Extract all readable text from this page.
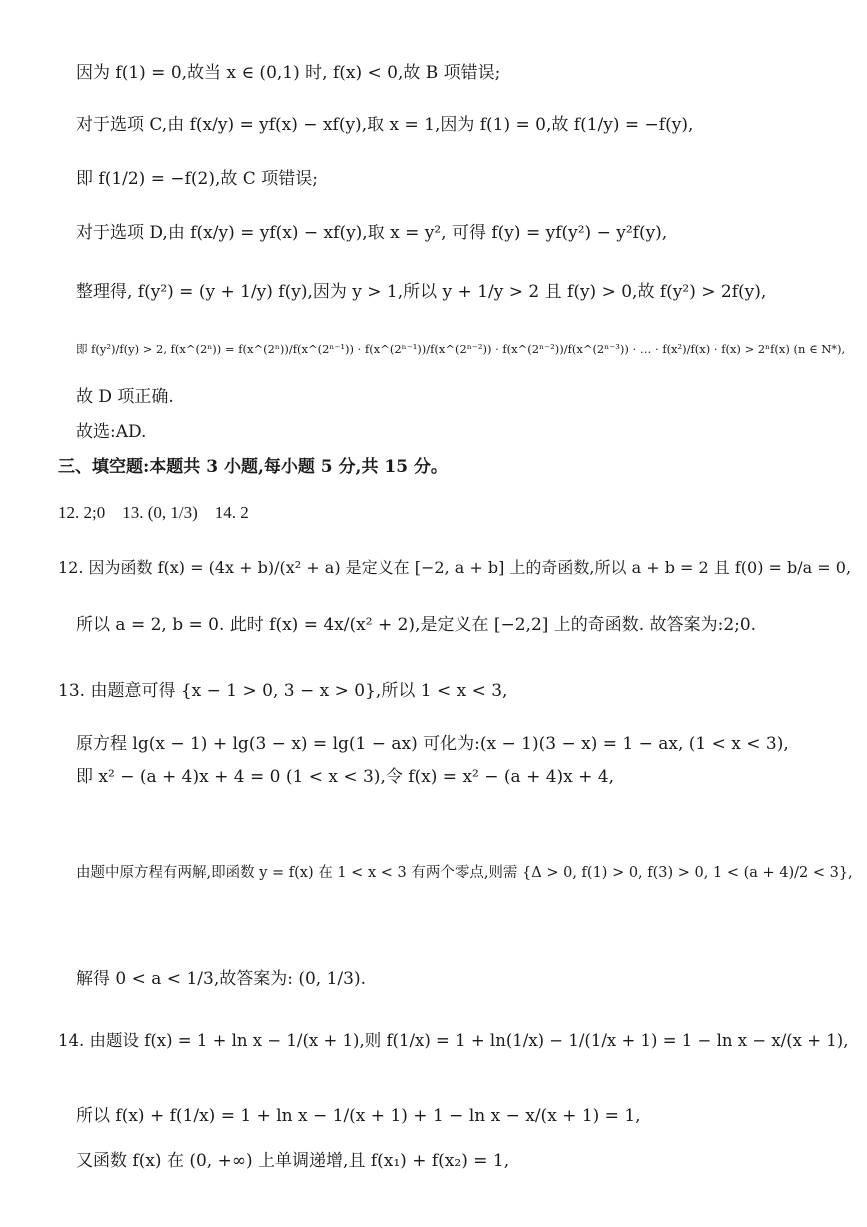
因为 f(1) = 0,故当 x ∈ (0,1) 时, f(x) < 0,故 B 项错误;
对于选项 C,由 f(x/y) = yf(x) − xf(y),取 x = 1,因为 f(1) = 0,故 f(1/y) = −f(y),
即 f(1/2) = −f(2),故 C 项错误;
对于选项 D,由 f(x/y) = yf(x) − xf(y),取 x = y², 可得 f(y) = yf(y²) − y²f(y),
整理得, f(y²) = (y + 1/y) f(y),因为 y > 1,所以 y + 1/y > 2 且 f(y) > 0,故 f(y²) > 2f(y),
即 f(y²)/f(y) > 2, f(x^(2ⁿ)) = f(x^(2ⁿ))/f(x^(2ⁿ⁻¹)) · f(x^(2ⁿ⁻¹))/f(x^(2ⁿ⁻²)) · f(x^(2ⁿ⁻²))/f(x^(2ⁿ⁻³)) · … · f(x²)/f(x) · f(x) > 2ⁿf(x) (n ∈ N*),
故 D 项正确.
故选:AD.
三、填空题:本题共 3 小题,每小题 5 分,共 15 分。
12. 2;0　13. (0, 1/3)　14. 2
12. 因为函数 f(x) = (4x + b)/(x² + a) 是定义在 [−2, a + b] 上的奇函数,所以 a + b = 2 且 f(0) = b/a = 0,
所以 a = 2, b = 0. 此时 f(x) = 4x/(x² + 2),是定义在 [−2,2] 上的奇函数. 故答案为:2;0.
13. 由题意可得 {x − 1 > 0, 3 − x > 0},所以 1 < x < 3,
原方程 lg(x − 1) + lg(3 − x) = lg(1 − ax) 可化为:(x − 1)(3 − x) = 1 − ax, (1 < x < 3),
即 x² − (a + 4)x + 4 = 0 (1 < x < 3),令 f(x) = x² − (a + 4)x + 4,
由题中原方程有两解,即函数 y = f(x) 在 1 < x < 3 有两个零点,则需 {Δ > 0, f(1) > 0, f(3) > 0, 1 < (a + 4)/2 < 3},
解得 0 < a < 1/3,故答案为: (0, 1/3).
14. 由题设 f(x) = 1 + ln x − 1/(x + 1),则 f(1/x) = 1 + ln(1/x) − 1/(1/x + 1) = 1 − ln x − x/(x + 1),
所以 f(x) + f(1/x) = 1 + ln x − 1/(x + 1) + 1 − ln x − x/(x + 1) = 1,
又函数 f(x) 在 (0, +∞) 上单调递增,且 f(x₁) + f(x₂) = 1,
